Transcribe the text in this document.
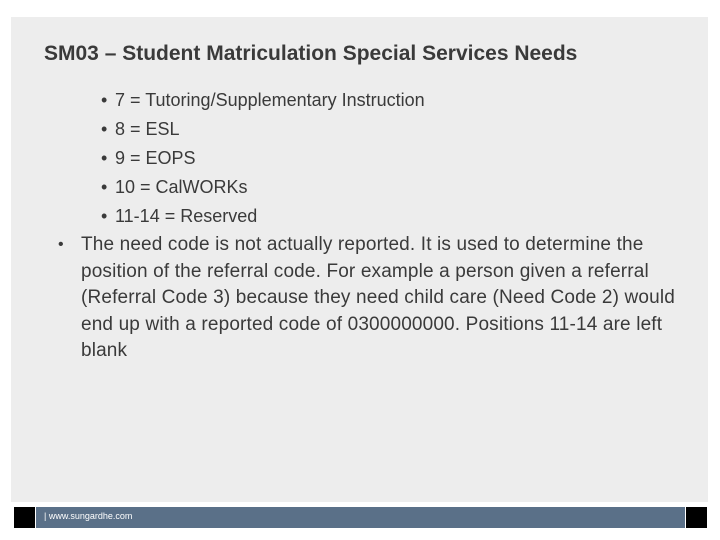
SM03 – Student Matriculation Special Services Needs
• 7 = Tutoring/Supplementary Instruction
• 8 = ESL
• 9 = EOPS
• 10 = CalWORKs
• 11-14 = Reserved
• The need code is not actually reported. It is used to determine the position of the referral code. For example a person given a referral (Referral Code 3) because they need child care (Need Code 2) would end up with a reported code of 0300000000. Positions 11-14 are left blank
| www.sungardhe.com
